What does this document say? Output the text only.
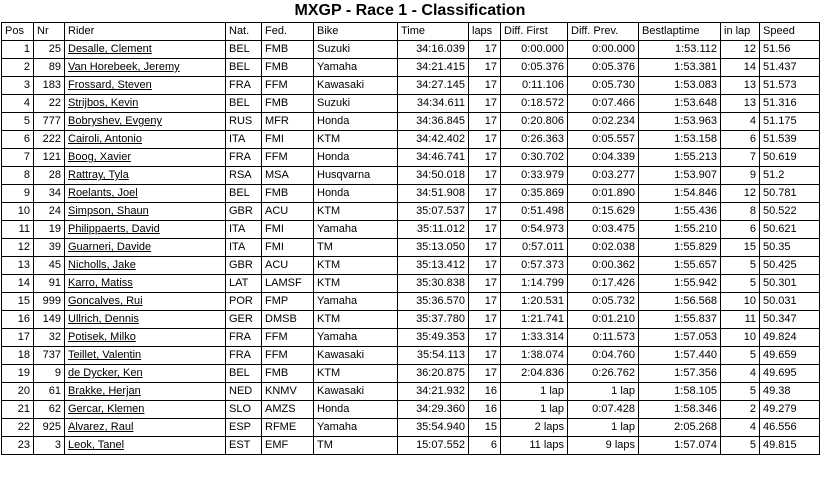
MXGP - Race 1 - Classification
Pos	Nr	Rider	Nat.	Fed.	Bike	Time	laps	Diff. First	Diff. Prev.	Bestlaptime	in lap	Speed
1	25	Desalle, Clement	BEL	FMB	Suzuki	34:16.039	17	0:00.000	0:00.000	1:53.112	12	51.56
2	89	Van Horebeek, Jeremy	BEL	FMB	Yamaha	34:21.415	17	0:05.376	0:05.376	1:53.381	14	51.437
3	183	Frossard, Steven	FRA	FFM	Kawasaki	34:27.145	17	0:11.106	0:05.730	1:53.083	13	51.573
4	22	Strijbos, Kevin	BEL	FMB	Suzuki	34:34.611	17	0:18.572	0:07.466	1:53.648	13	51.316
5	777	Bobryshev, Evgeny	RUS	MFR	Honda	34:36.845	17	0:20.806	0:02.234	1:53.963	4	51.175
6	222	Cairoli, Antonio	ITA	FMI	KTM	34:42.402	17	0:26.363	0:05.557	1:53.158	6	51.539
7	121	Boog, Xavier	FRA	FFM	Honda	34:46.741	17	0:30.702	0:04.339	1:55.213	7	50.619
8	28	Rattray, Tyla	RSA	MSA	Husqvarna	34:50.018	17	0:33.979	0:03.277	1:53.907	9	51.2
9	34	Roelants, Joel	BEL	FMB	Honda	34:51.908	17	0:35.869	0:01.890	1:54.846	12	50.781
10	24	Simpson, Shaun	GBR	ACU	KTM	35:07.537	17	0:51.498	0:15.629	1:55.436	8	50.522
11	19	Philippaerts, David	ITA	FMI	Yamaha	35:11.012	17	0:54.973	0:03.475	1:55.210	6	50.621
12	39	Guarneri, Davide	ITA	FMI	TM	35:13.050	17	0:57.011	0:02.038	1:55.829	15	50.35
13	45	Nicholls, Jake	GBR	ACU	KTM	35:13.412	17	0:57.373	0:00.362	1:55.657	5	50.425
14	91	Karro, Matiss	LAT	LAMSF	KTM	35:30.838	17	1:14.799	0:17.426	1:55.942	5	50.301
15	999	Goncalves, Rui	POR	FMP	Yamaha	35:36.570	17	1:20.531	0:05.732	1:56.568	10	50.031
16	149	Ullrich, Dennis	GER	DMSB	KTM	35:37.780	17	1:21.741	0:01.210	1:55.837	11	50.347
17	32	Potisek, Milko	FRA	FFM	Yamaha	35:49.353	17	1:33.314	0:11.573	1:57.053	10	49.824
18	737	Teillet, Valentin	FRA	FFM	Kawasaki	35:54.113	17	1:38.074	0:04.760	1:57.440	5	49.659
19	9	de Dycker, Ken	BEL	FMB	KTM	36:20.875	17	2:04.836	0:26.762	1:57.356	4	49.695
20	61	Brakke, Herjan	NED	KNMV	Kawasaki	34:21.932	16	1 lap	1 lap	1:58.105	5	49.38
21	62	Gercar, Klemen	SLO	AMZS	Honda	34:29.360	16	1 lap	0:07.428	1:58.346	2	49.279
22	925	Alvarez, Raul	ESP	RFME	Yamaha	35:54.940	15	2 laps	1 lap	2:05.268	4	46.556
23	3	Leok, Tanel	EST	EMF	TM	15:07.552	6	11 laps	9 laps	1:57.074	5	49.815
